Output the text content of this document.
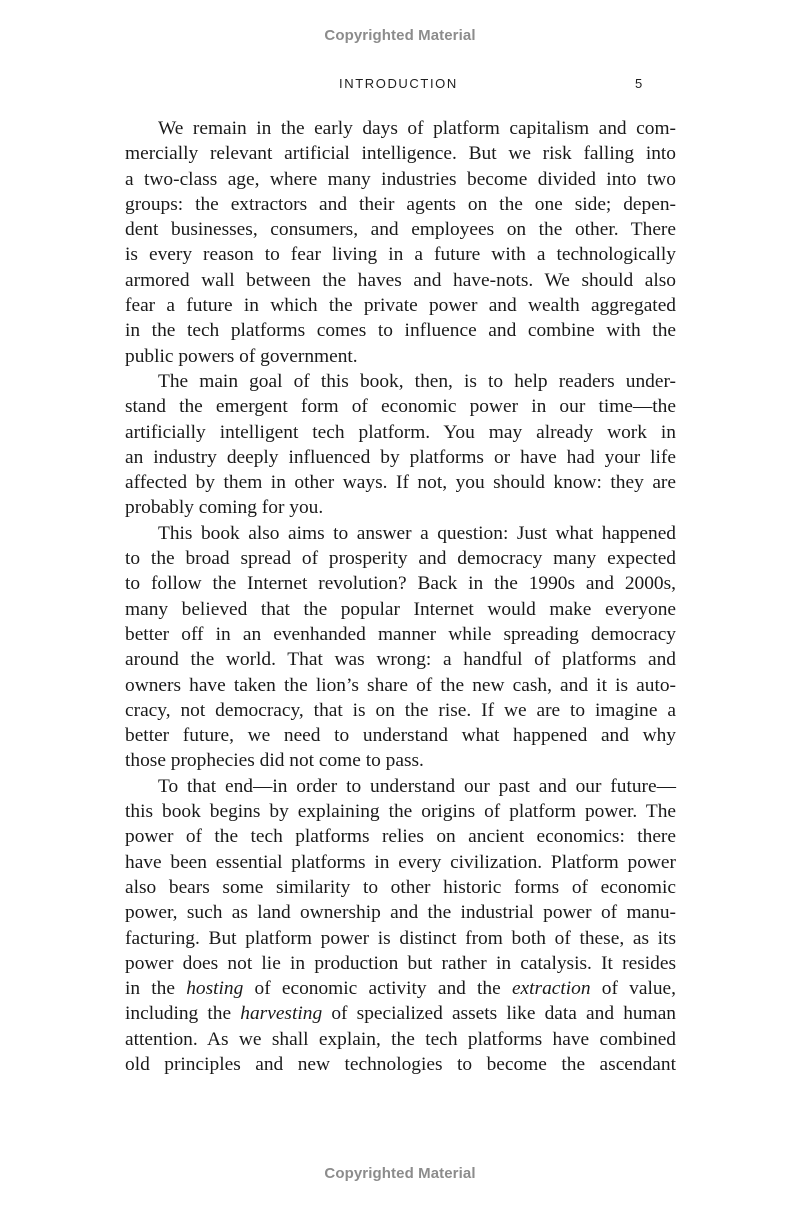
Copyrighted Material
INTRODUCTION	5
We remain in the early days of platform capitalism and com-
mercially relevant artificial intelligence. But we risk falling into
a two-class age, where many industries become divided into two
groups: the extractors and their agents on the one side; depen-
dent businesses, consumers, and employees on the other. There
is every reason to fear living in a future with a technologically
armored wall between the haves and have-nots. We should also
fear a future in which the private power and wealth aggregated
in the tech platforms comes to influence and combine with the
public powers of government.
The main goal of this book, then, is to help readers under-
stand the emergent form of economic power in our time—the
artificially intelligent tech platform. You may already work in
an industry deeply influenced by platforms or have had your life
affected by them in other ways. If not, you should know: they are
probably coming for you.
This book also aims to answer a question: Just what happened
to the broad spread of prosperity and democracy many expected
to follow the Internet revolution? Back in the 1990s and 2000s,
many believed that the popular Internet would make everyone
better off in an evenhanded manner while spreading democracy
around the world. That was wrong: a handful of platforms and
owners have taken the lion’s share of the new cash, and it is auto-
cracy, not democracy, that is on the rise. If we are to imagine a
better future, we need to understand what happened and why
those prophecies did not come to pass.
To that end—in order to understand our past and our future—
this book begins by explaining the origins of platform power. The
power of the tech platforms relies on ancient economics: there
have been essential platforms in every civilization. Platform power
also bears some similarity to other historic forms of economic
power, such as land ownership and the industrial power of manu-
facturing. But platform power is distinct from both of these, as its
power does not lie in production but rather in catalysis. It resides
in the hosting of economic activity and the extraction of value,
including the harvesting of specialized assets like data and human
attention. As we shall explain, the tech platforms have combined
old principles and new technologies to become the ascendant
Copyrighted Material
